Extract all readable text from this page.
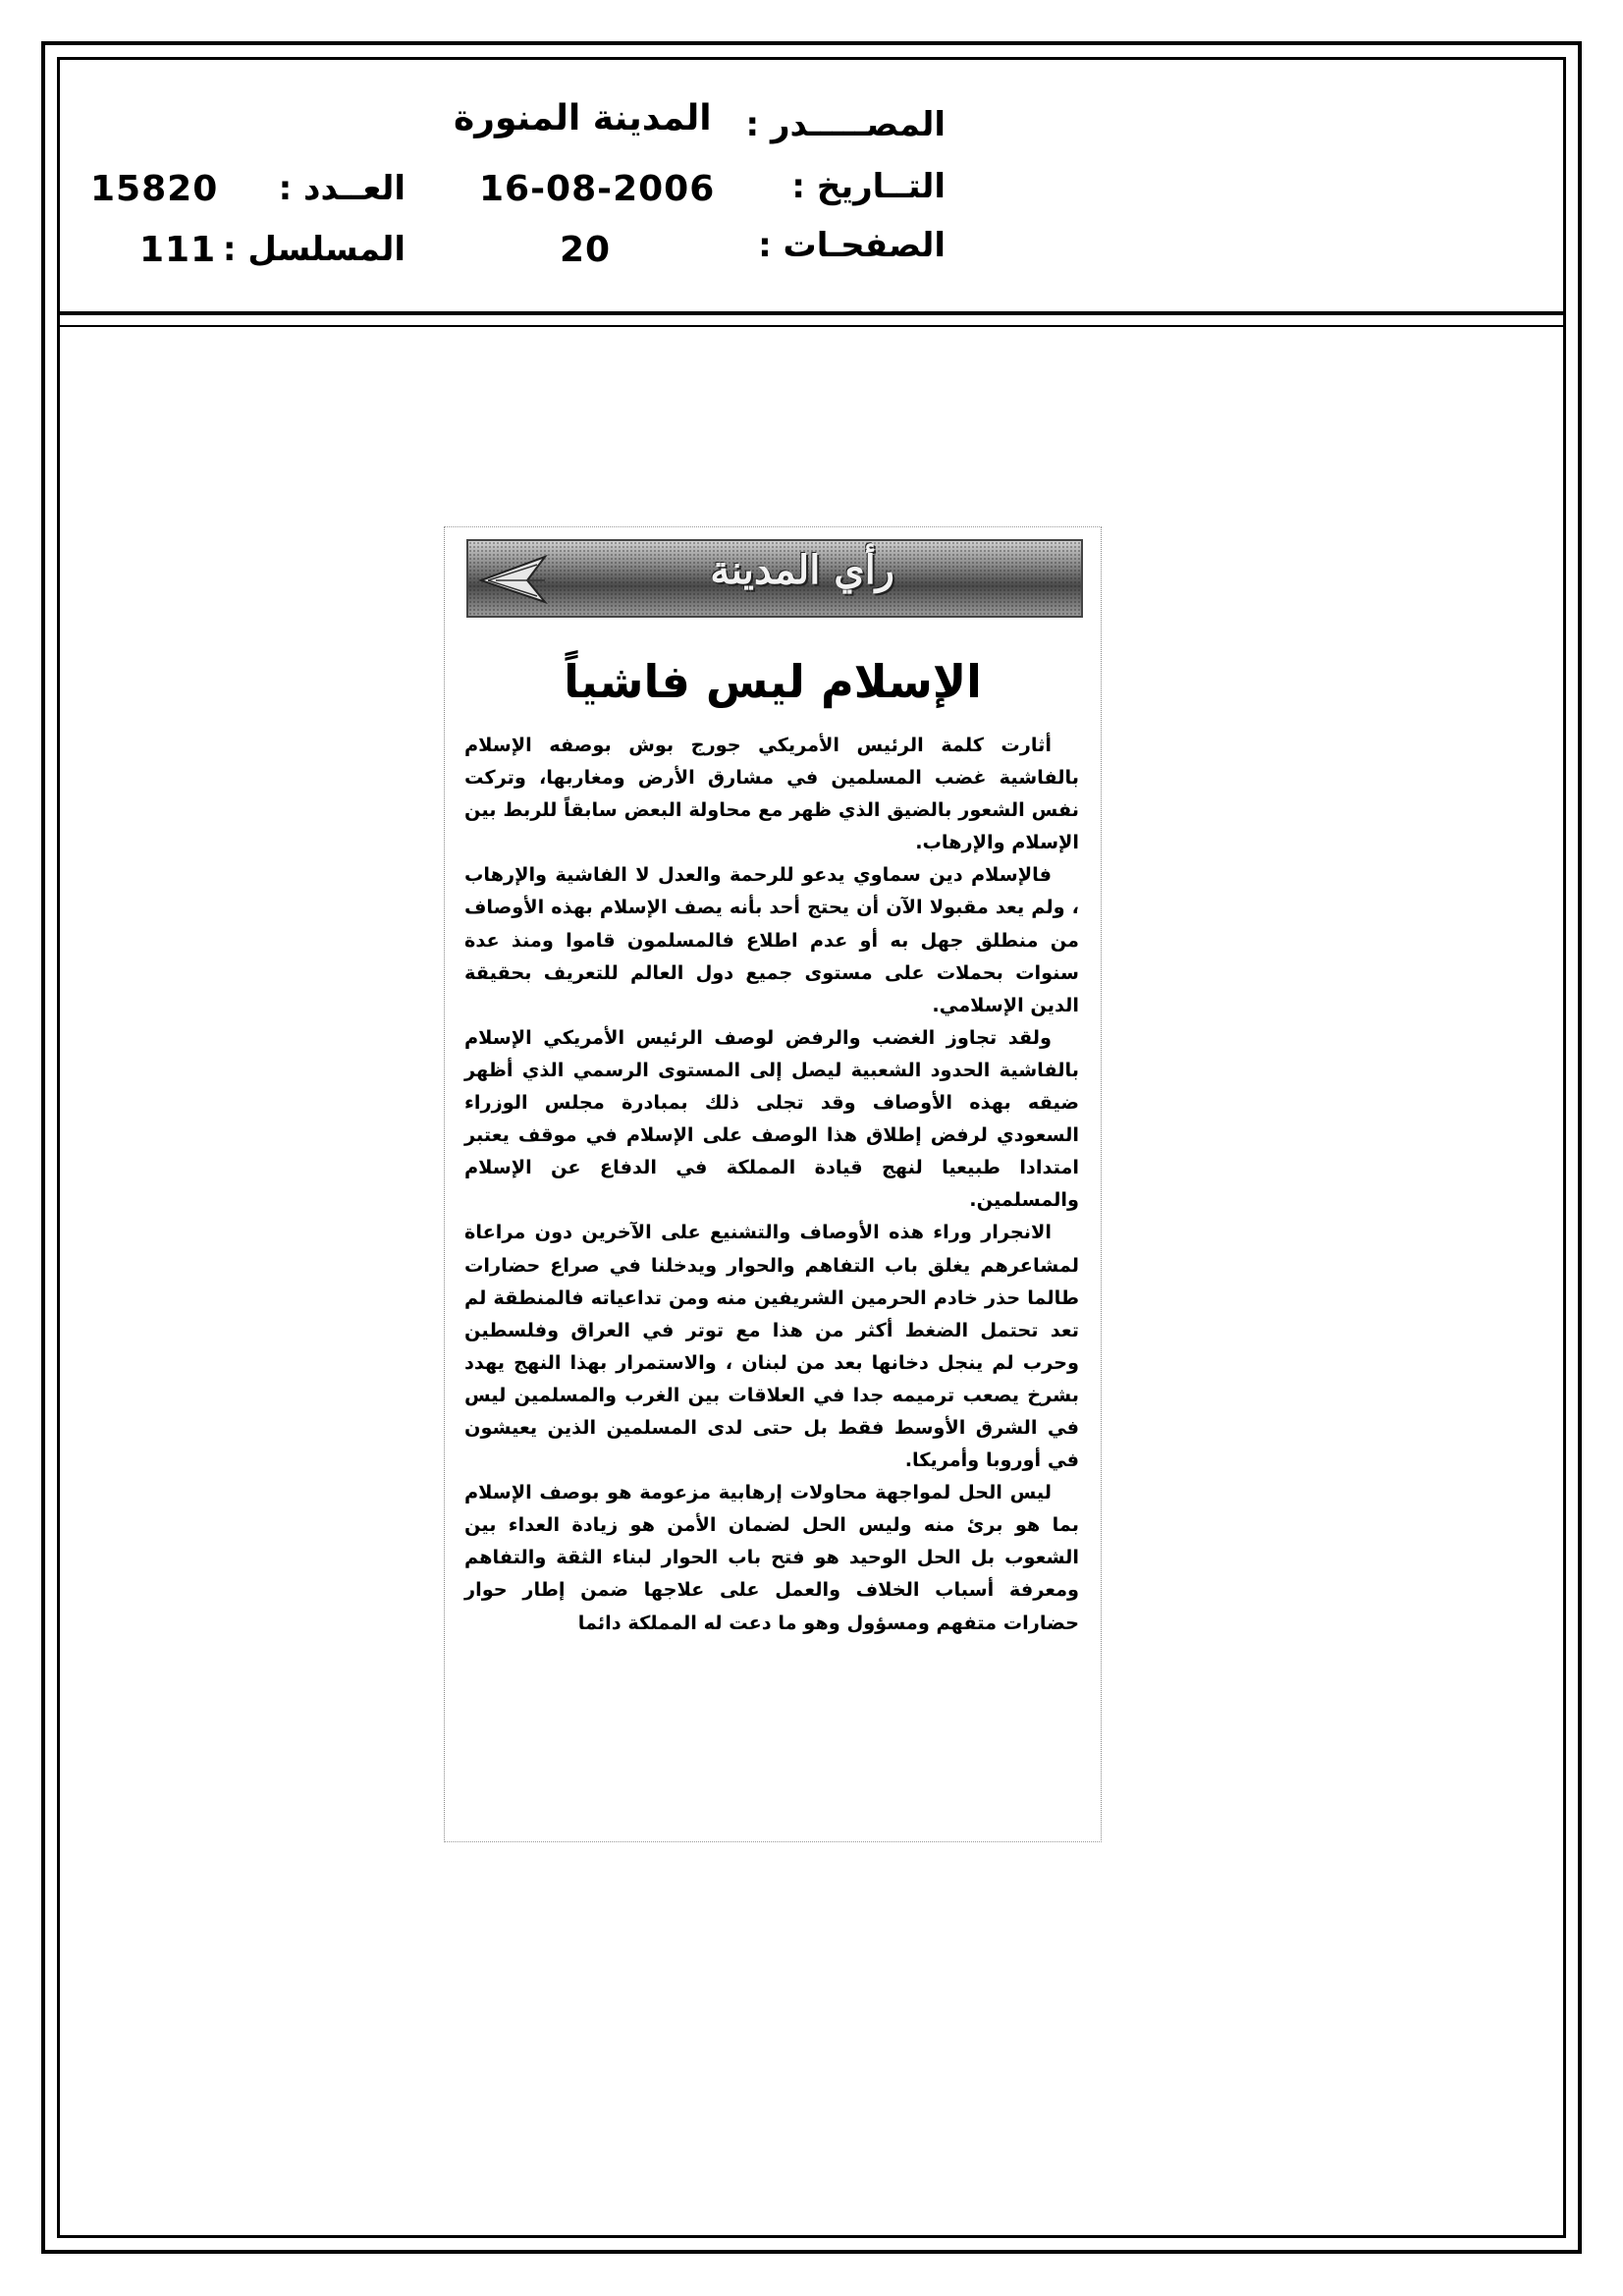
المصـــــدر :
المدينة المنورة
التــاريخ :
16-08-2006
العــدد :
15820
الصفحـات :
20
المسلسل :
111
رأي المدينة
الإسلام ليس فاشياً

أثارت كلمة الرئيس الأمريكي جورج بوش بوصفه الإسلام بالفاشية غضب المسلمين في مشارق الأرض ومغاربها، وتركت نفس الشعور بالضيق الذي ظهر مع محاولة البعض سابقاً للربط بين الإسلام والإرهاب.

فالإسلام دين سماوي يدعو للرحمة والعدل لا الفاشية والإرهاب ، ولم يعد مقبولا الآن أن يحتج أحد بأنه يصف الإسلام بهذه الأوصاف من منطلق جهل به أو عدم اطلاع فالمسلمون قاموا ومنذ عدة سنوات بحملات على مستوى جميع دول العالم للتعريف بحقيقة الدين الإسلامي.

ولقد تجاوز الغضب والرفض لوصف الرئيس الأمريكي الإسلام بالفاشية الحدود الشعبية ليصل إلى المستوى الرسمي الذي أظهر ضيقه بهذه الأوصاف وقد تجلى ذلك بمبادرة مجلس الوزراء السعودي لرفض إطلاق هذا الوصف على الإسلام في موقف يعتبر امتدادا طبيعيا لنهج قيادة المملكة في الدفاع عن الإسلام والمسلمين.

الانجرار وراء هذه الأوصاف والتشنيع على الآخرين دون مراعاة لمشاعرهم يغلق باب التفاهم والحوار ويدخلنا في صراع حضارات طالما حذر خادم الحرمين الشريفين منه ومن تداعياته فالمنطقة لم تعد تحتمل الضغط أكثر من هذا مع توتر في العراق وفلسطين وحرب لم ينجل دخانها بعد من لبنان ، والاستمرار بهذا النهج يهدد بشرخ يصعب ترميمه جدا في العلاقات بين الغرب والمسلمين ليس في الشرق الأوسط فقط بل حتى لدى المسلمين الذين يعيشون في أوروبا وأمريكا.

ليس الحل لمواجهة محاولات إرهابية مزعومة هو بوصف الإسلام بما هو برئ منه وليس الحل لضمان الأمن هو زيادة العداء بين الشعوب بل الحل الوحيد هو فتح باب الحوار لبناء الثقة والتفاهم ومعرفة أسباب الخلاف والعمل على علاجها ضمن إطار حوار حضارات متفهم ومسؤول وهو ما دعت له المملكة دائما
